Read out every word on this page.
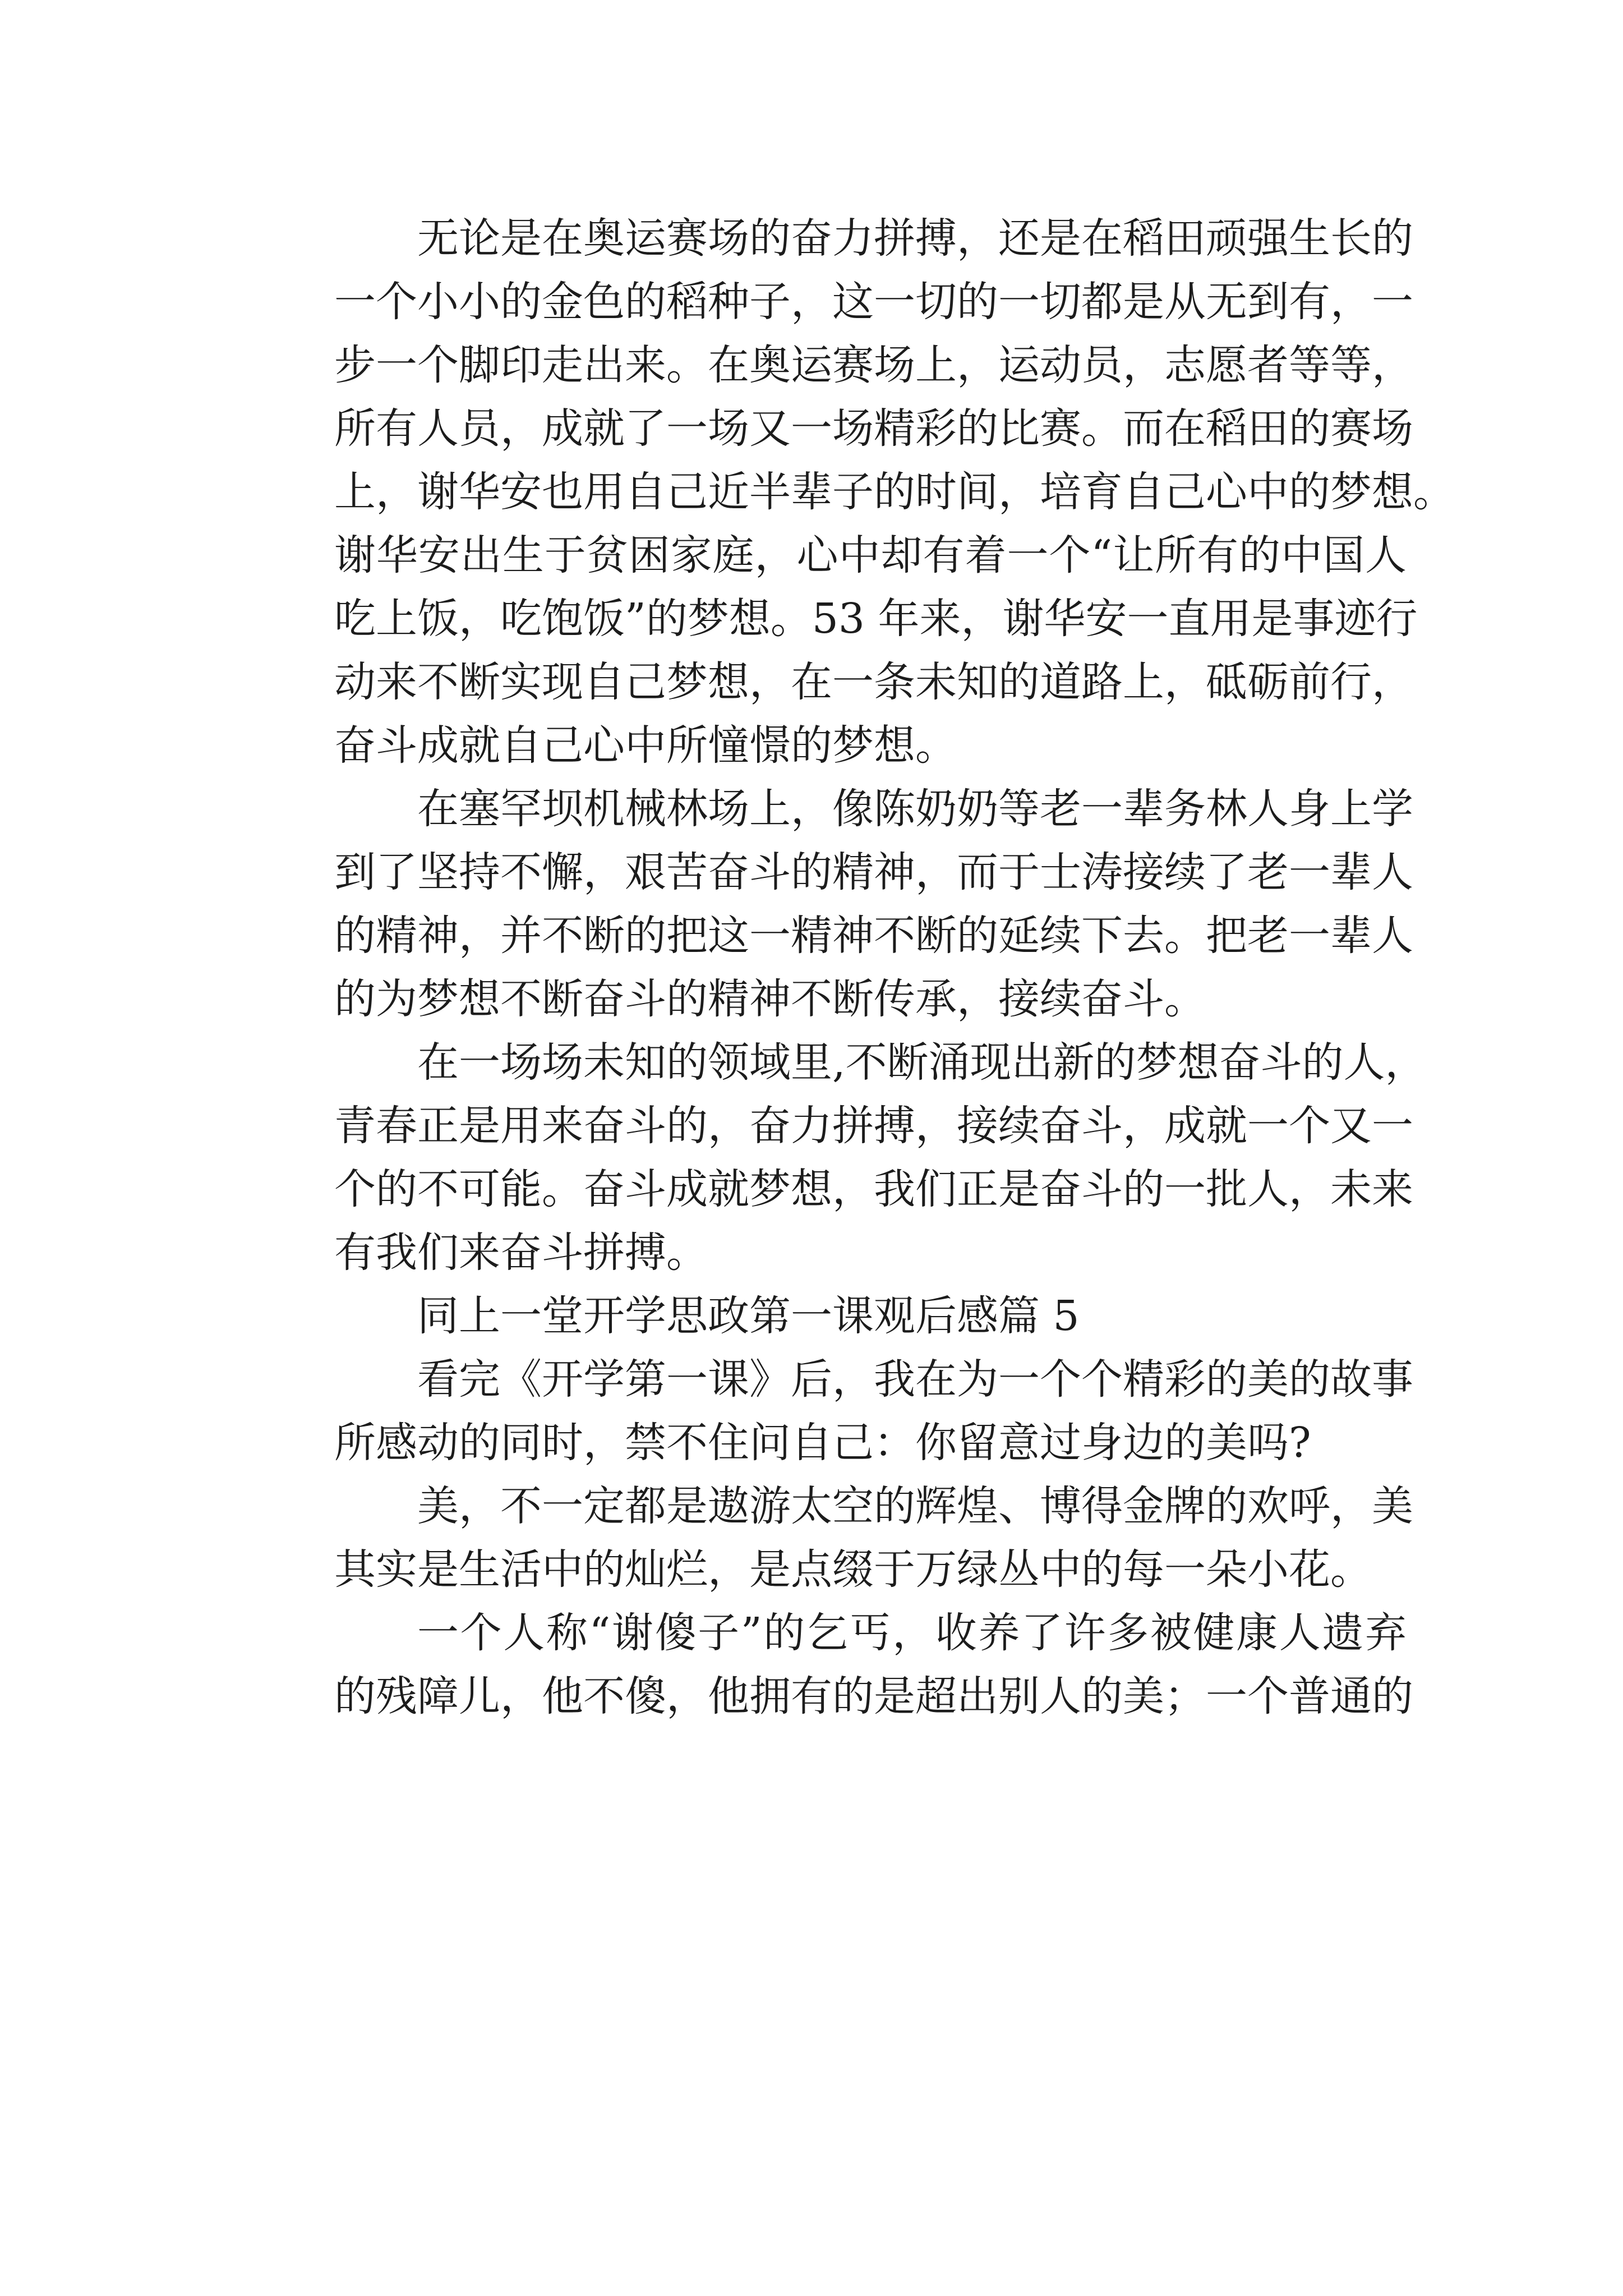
无论是在奥运赛场的奋力拼搏，还是在稻田顽强生长的
一个小小的金色的稻种子，这一切的一切都是从无到有，一
步一个脚印走出来。在奥运赛场上，运动员，志愿者等等，
所有人员，成就了一场又一场精彩的比赛。而在稻田的赛场
上，谢华安也用自己近半辈子的时间，培育自己心中的梦想。
谢华安出生于贫困家庭，心中却有着一个“让所有的中国人
吃上饭，吃饱饭”的梦想。53 年来，谢华安一直用是事迹行
动来不断实现自己梦想，在一条未知的道路上，砥砺前行，
奋斗成就自己心中所憧憬的梦想。
在塞罕坝机械林场上，像陈奶奶等老一辈务林人身上学
到了坚持不懈，艰苦奋斗的精神，而于士涛接续了老一辈人
的精神，并不断的把这一精神不断的延续下去。把老一辈人
的为梦想不断奋斗的精神不断传承，接续奋斗。
在一场场未知的领域里,不断涌现出新的梦想奋斗的人，
青春正是用来奋斗的，奋力拼搏，接续奋斗，成就一个又一
个的不可能。奋斗成就梦想，我们正是奋斗的一批人，未来
有我们来奋斗拼搏。
同上一堂开学思政第一课观后感篇 5
看完《开学第一课》后，我在为一个个精彩的美的故事
所感动的同时，禁不住问自己：你留意过身边的美吗?
美，不一定都是遨游太空的辉煌、博得金牌的欢呼，美
其实是生活中的灿烂，是点缀于万绿丛中的每一朵小花。
一个人称“谢傻子”的乞丐，收养了许多被健康人遗弃
的残障儿，他不傻，他拥有的是超出别人的美；一个普通的
